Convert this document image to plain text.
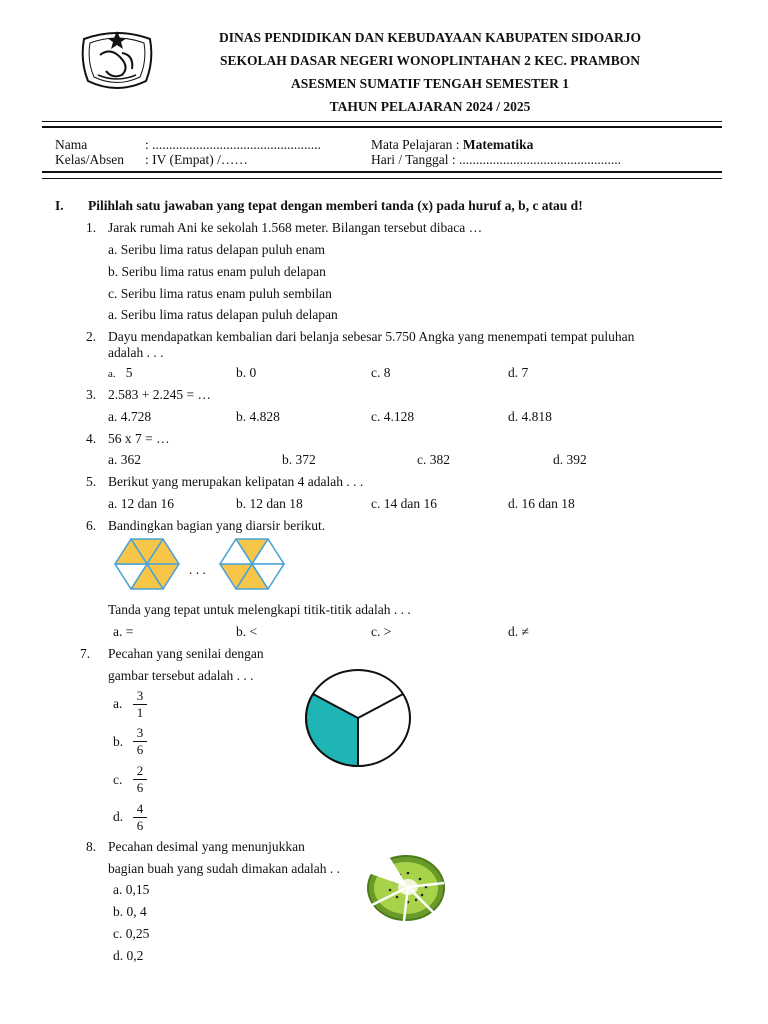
DINAS PENDIDIKAN DAN KEBUDAYAAN KABUPATEN SIDOARJO
SEKOLAH DASAR NEGERI WONOPLINTAHAN 2 KEC. PRAMBON
ASESMEN SUMATIF TENGAH SEMESTER 1
TAHUN PELAJARAN 2024 / 2025
Nama	: ..................................................
Kelas/Absen : IV (Empat) /……
Mata Pelajaran : Matematika
Hari / Tanggal : ................................................
I. Pilihlah satu jawaban yang tepat dengan memberi tanda (x) pada huruf a, b, c atau d!
1. Jarak rumah Ani ke sekolah 1.568 meter. Bilangan tersebut dibaca …
a. Seribu lima ratus delapan puluh enam
b. Seribu lima ratus enam puluh delapan
c. Seribu lima ratus enam puluh sembilan
a. Seribu lima ratus delapan puluh delapan
2. Dayu mendapatkan kembalian dari belanja sebesar 5.750 Angka yang menempati tempat puluhan
adalah . . .
a. 5	b. 0	c. 8	d. 7
3. 2.583 + 2.245 = …
a. 4.728	b. 4.828	c. 4.128	d. 4.818
4. 56 x 7 = …
a. 362	b. 372	c. 382	d. 392
5. Berikut yang merupakan kelipatan 4 adalah . . .
a. 12 dan 16	b. 12 dan 18	c. 14 dan 16	d. 16 dan 18
6. Bandingkan bagian yang diarsir berikut.
. . .
Tanda yang tepat untuk melengkapi titik-titik adalah . . .
a. =	b. <	c. >	d. ≠
7. Pecahan yang senilai dengan
gambar tersebut adalah . . .
a.
3
1
b.
3
6
c.
2
6
d.
4
6
8. Pecahan desimal yang menunjukkan
bagian buah yang sudah dimakan adalah . .
a. 0,15
b. 0, 4
c. 0,25
d. 0,2
